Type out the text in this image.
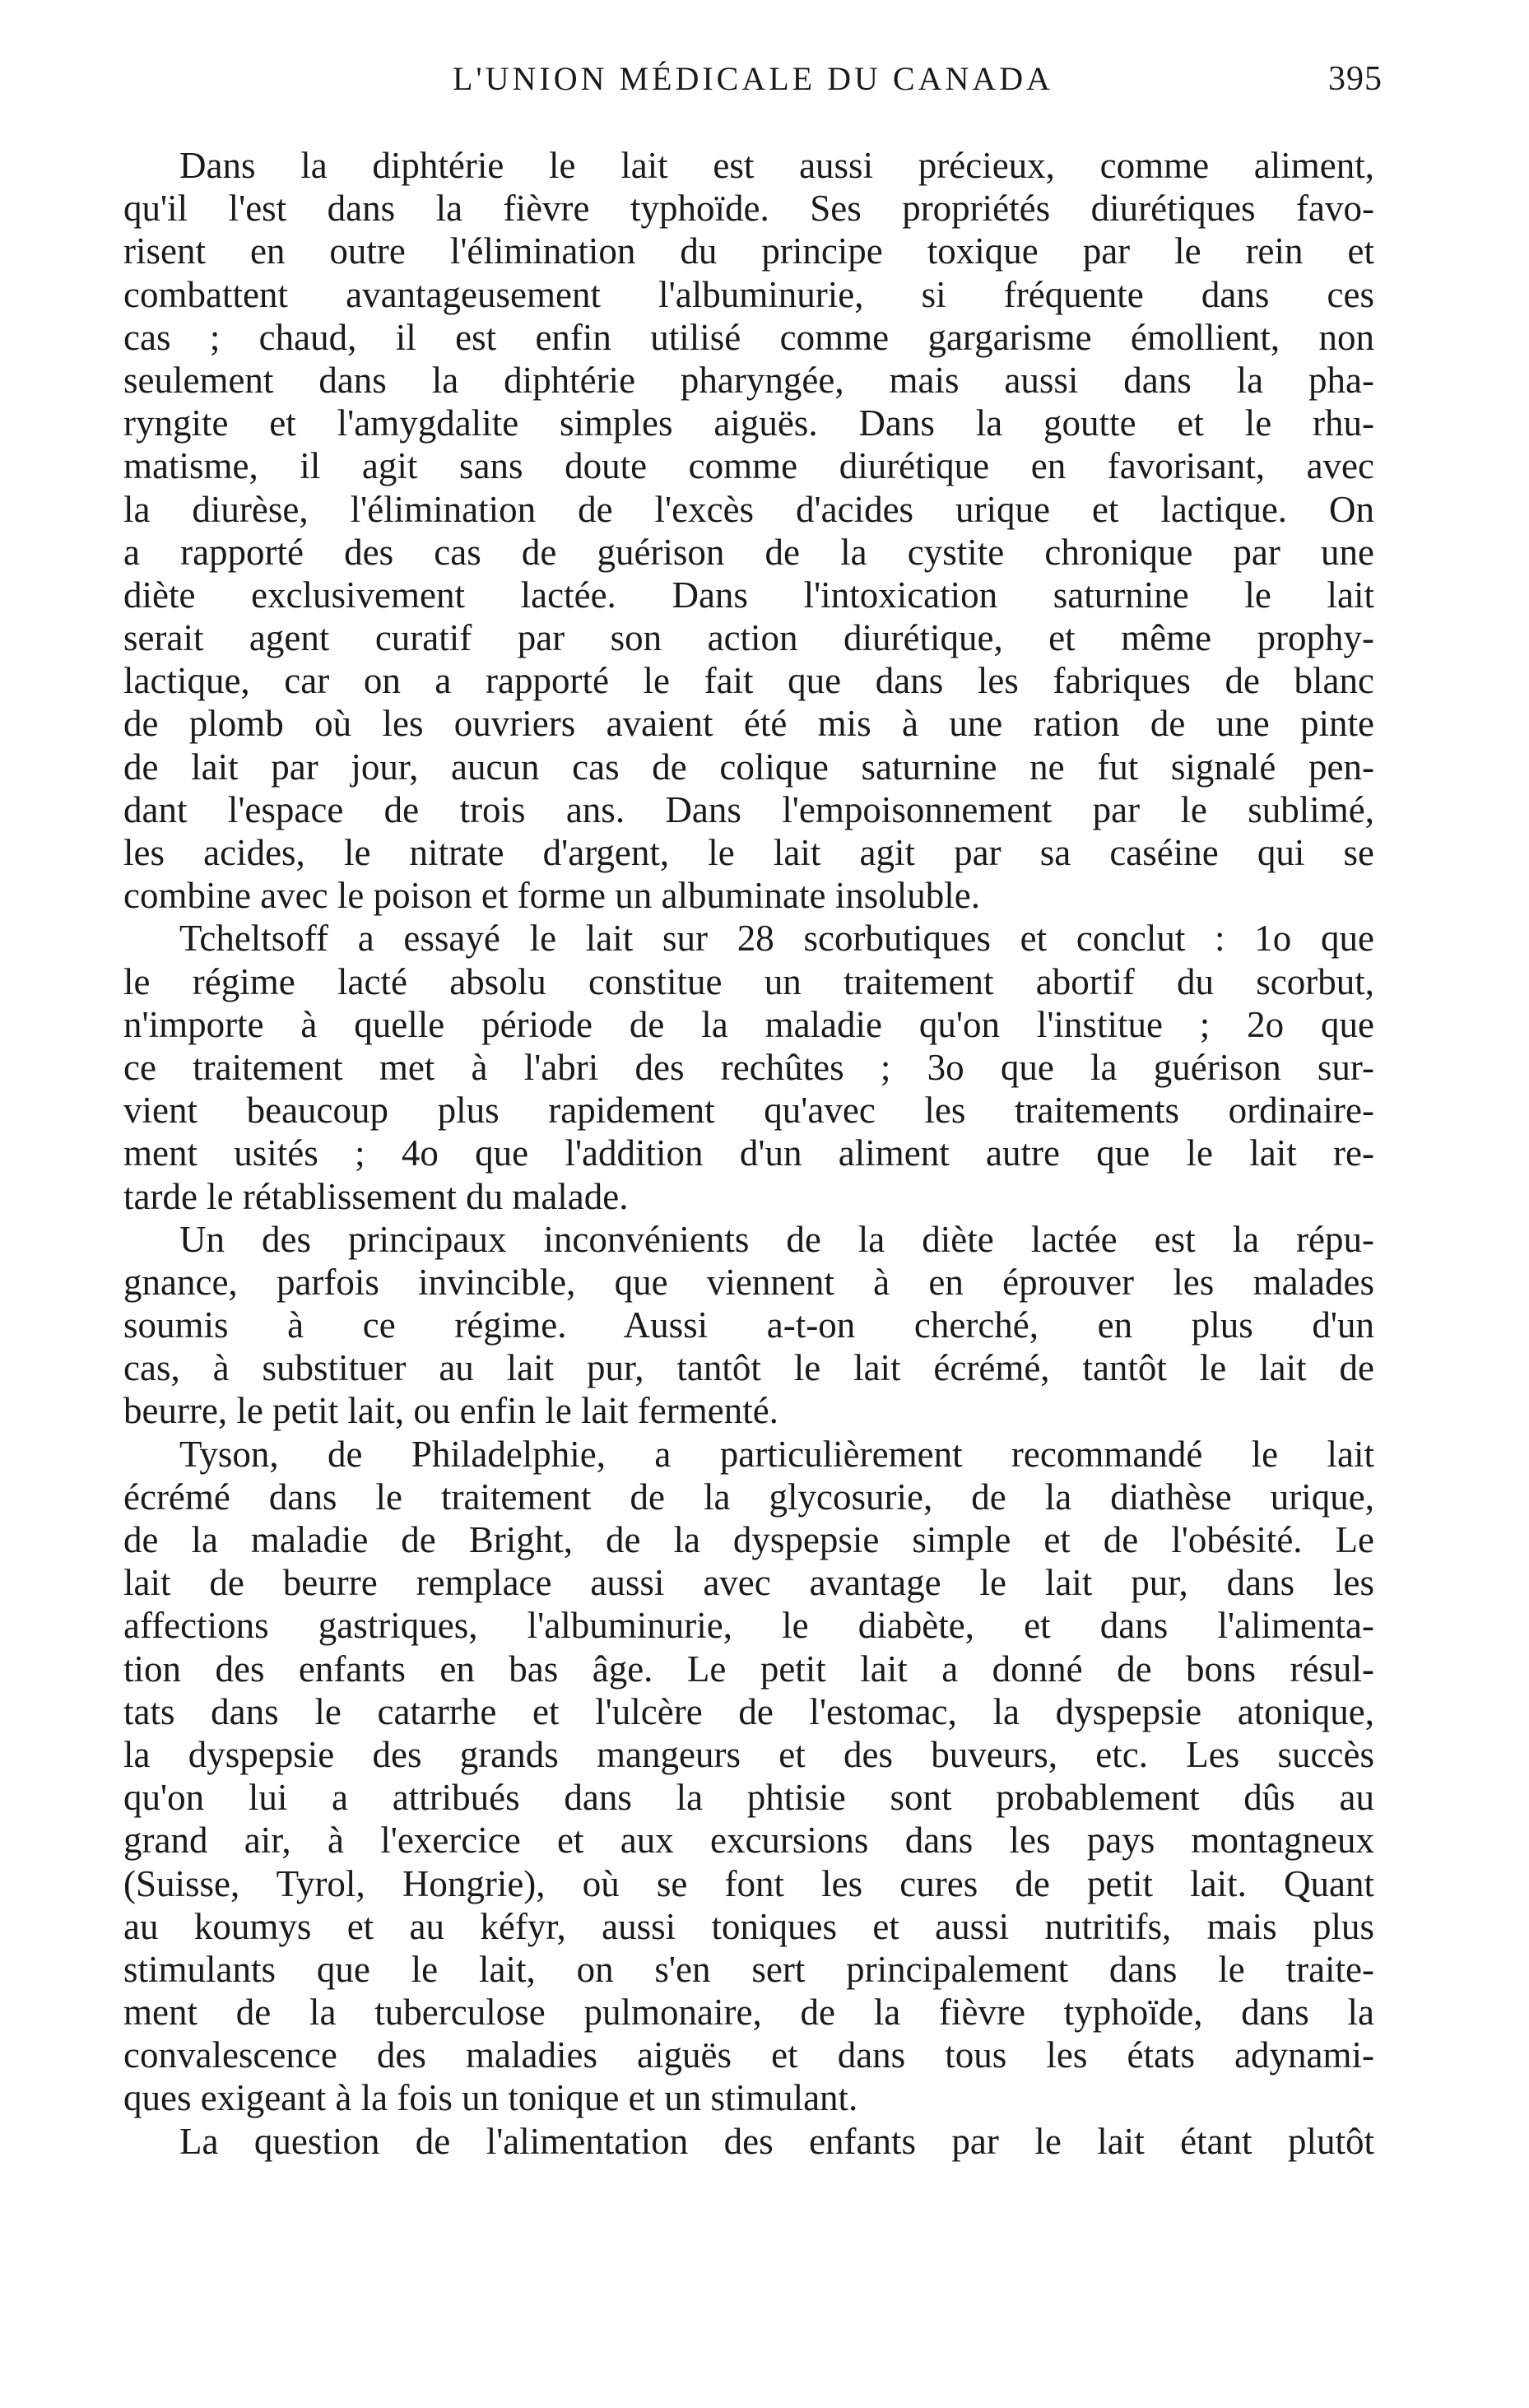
L'UNION MÉDICALE DU CANADA	395
Dans la diphtérie le lait est aussi précieux, comme aliment,
qu'il l'est dans la fièvre typhoïde. Ses propriétés diurétiques favo-
risent en outre l'élimination du principe toxique par le rein et
combattent avantageusement l'albuminurie, si fréquente dans ces
cas ; chaud, il est enfin utilisé comme gargarisme émollient, non
seulement dans la diphtérie pharyngée, mais aussi dans la pha-
ryngite et l'amygdalite simples aiguës. Dans la goutte et le rhu-
matisme, il agit sans doute comme diurétique en favorisant, avec
la diurèse, l'élimination de l'excès d'acides urique et lactique. On
a rapporté des cas de guérison de la cystite chronique par une
diète exclusivement lactée. Dans l'intoxication saturnine le lait
serait agent curatif par son action diurétique, et même prophy-
lactique, car on a rapporté le fait que dans les fabriques de blanc
de plomb où les ouvriers avaient été mis à une ration de une pinte
de lait par jour, aucun cas de colique saturnine ne fut signalé pen-
dant l'espace de trois ans. Dans l'empoisonnement par le sublimé,
les acides, le nitrate d'argent, le lait agit par sa caséine qui se
combine avec le poison et forme un albuminate insoluble.
Tcheltsoff a essayé le lait sur 28 scorbutiques et conclut : 1o que
le régime lacté absolu constitue un traitement abortif du scorbut,
n'importe à quelle période de la maladie qu'on l'institue ; 2o que
ce traitement met à l'abri des rechûtes ; 3o que la guérison sur-
vient beaucoup plus rapidement qu'avec les traitements ordinaire-
ment usités ; 4o que l'addition d'un aliment autre que le lait re-
tarde le rétablissement du malade.
Un des principaux inconvénients de la diète lactée est la répu-
gnance, parfois invincible, que viennent à en éprouver les malades
soumis à ce régime. Aussi a-t-on cherché, en plus d'un
cas, à substituer au lait pur, tantôt le lait écrémé, tantôt le lait de
beurre, le petit lait, ou enfin le lait fermenté.
Tyson, de Philadelphie, a particulièrement recommandé le lait
écrémé dans le traitement de la glycosurie, de la diathèse urique,
de la maladie de Bright, de la dyspepsie simple et de l'obésité. Le
lait de beurre remplace aussi avec avantage le lait pur, dans les
affections gastriques, l'albuminurie, le diabète, et dans l'alimenta-
tion des enfants en bas âge. Le petit lait a donné de bons résul-
tats dans le catarrhe et l'ulcère de l'estomac, la dyspepsie atonique,
la dyspepsie des grands mangeurs et des buveurs, etc. Les succès
qu'on lui a attribués dans la phtisie sont probablement dûs au
grand air, à l'exercice et aux excursions dans les pays montagneux
(Suisse, Tyrol, Hongrie), où se font les cures de petit lait. Quant
au koumys et au kéfyr, aussi toniques et aussi nutritifs, mais plus
stimulants que le lait, on s'en sert principalement dans le traite-
ment de la tuberculose pulmonaire, de la fièvre typhoïde, dans la
convalescence des maladies aiguës et dans tous les états adynami-
ques exigeant à la fois un tonique et un stimulant.
La question de l'alimentation des enfants par le lait étant plutôt
